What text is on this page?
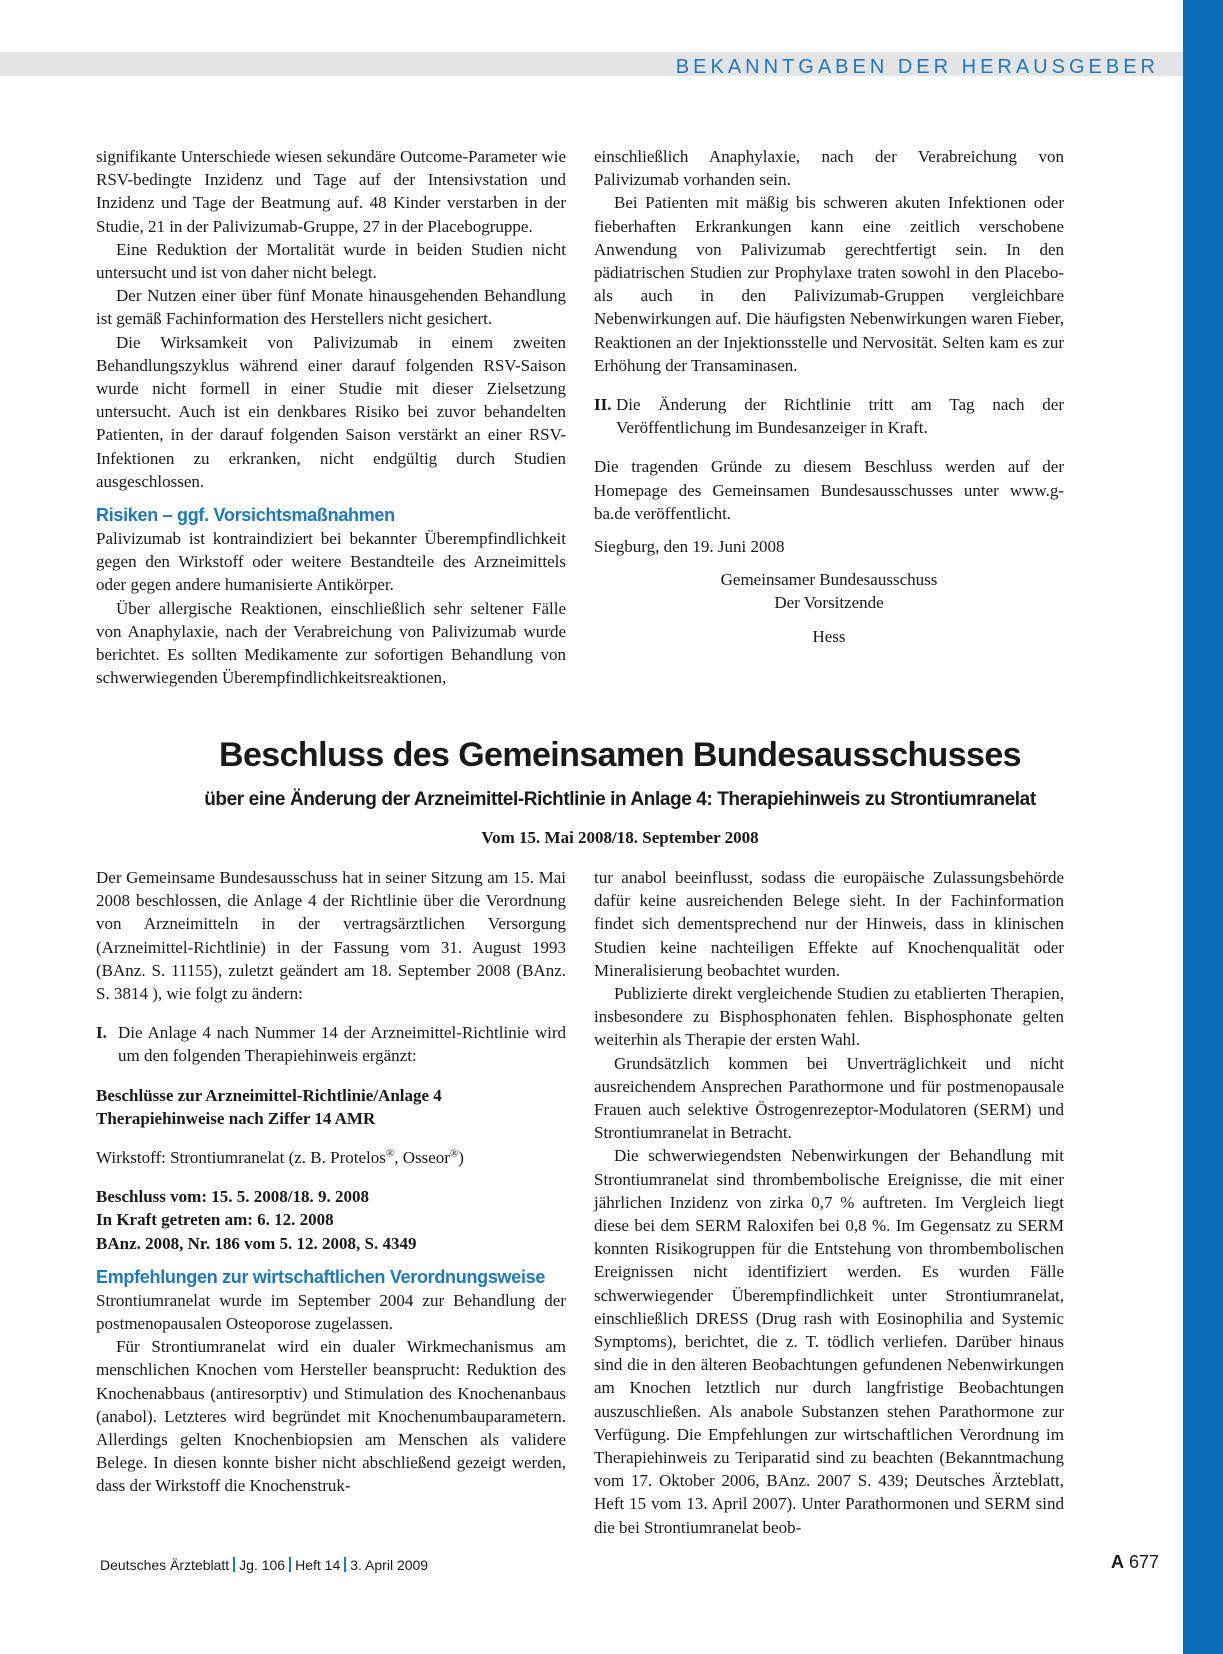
BEKANNTGABEN DER HERAUSGEBER

signifikante Unterschiede wiesen sekundäre Outcome-Parameter wie RSV-bedingte Inzidenz und Tage auf der Intensivstation und Inzidenz und Tage der Beatmung auf. 48 Kinder verstarben in der Studie, 21 in der Palivizumab-Gruppe, 27 in der Placebogruppe.

Eine Reduktion der Mortalität wurde in beiden Studien nicht untersucht und ist von daher nicht belegt.

Der Nutzen einer über fünf Monate hinausgehenden Behandlung ist gemäß Fachinformation des Herstellers nicht gesichert.

Die Wirksamkeit von Palivizumab in einem zweiten Behandlungszyklus während einer darauf folgenden RSV-Saison wurde nicht formell in einer Studie mit dieser Zielsetzung untersucht. Auch ist ein denkbares Risiko bei zuvor behandelten Patienten, in der darauf folgenden Saison verstärkt an einer RSV-Infektionen zu erkranken, nicht endgültig durch Studien ausgeschlossen.

Risiken – ggf. Vorsichtsmaßnahmen

Palivizumab ist kontraindiziert bei bekannter Überempfindlichkeit gegen den Wirkstoff oder weitere Bestandteile des Arzneimittels oder gegen andere humanisierte Antikörper.

Über allergische Reaktionen, einschließlich sehr seltener Fälle von Anaphylaxie, nach der Verabreichung von Palivizumab wurde berichtet. Es sollten Medikamente zur sofortigen Behandlung von schwerwiegenden Überempfindlichkeitsreaktionen,

einschließlich Anaphylaxie, nach der Verabreichung von Palivizumab vorhanden sein.

Bei Patienten mit mäßig bis schweren akuten Infektionen oder fieberhaften Erkrankungen kann eine zeitlich verschobene Anwendung von Palivizumab gerechtfertigt sein. In den pädiatrischen Studien zur Prophylaxe traten sowohl in den Placebo- als auch in den Palivizumab-Gruppen vergleichbare Nebenwirkungen auf. Die häufigsten Nebenwirkungen waren Fieber, Reaktionen an der Injektionsstelle und Nervosität. Selten kam es zur Erhöhung der Transaminasen.

II. Die Änderung der Richtlinie tritt am Tag nach der Veröffentlichung im Bundesanzeiger in Kraft.

Die tragenden Gründe zu diesem Beschluss werden auf der Homepage des Gemeinsamen Bundesausschusses unter www.g-ba.de veröffentlicht.

Siegburg, den 19. Juni 2008

Gemeinsamer Bundesausschuss

Der Vorsitzende

Hess

Beschluss des Gemeinsamen Bundesausschusses
über eine Änderung der Arzneimittel-Richtlinie in Anlage 4: Therapiehinweis zu Strontiumranelat
Vom 15. Mai 2008/18. September 2008

Der Gemeinsame Bundesausschuss hat in seiner Sitzung am 15. Mai 2008 beschlossen, die Anlage 4 der Richtlinie über die Verordnung von Arzneimitteln in der vertragsärztlichen Versorgung (Arzneimittel-Richtlinie) in der Fassung vom 31. August 1993 (BAnz. S. 11155), zuletzt geändert am 18. September 2008 (BAnz. S. 3814 ), wie folgt zu ändern:

I. Die Anlage 4 nach Nummer 14 der Arzneimittel-Richtlinie wird um den folgenden Therapiehinweis ergänzt:

Beschlüsse zur Arzneimittel-Richtlinie/Anlage 4

Therapiehinweise nach Ziffer 14 AMR

Wirkstoff: Strontiumranelat (z. B. Protelos®, Osseor®)

Beschluss vom: 15. 5. 2008/18. 9. 2008

In Kraft getreten am: 6. 12. 2008

BAnz. 2008, Nr. 186 vom 5. 12. 2008, S. 4349

Empfehlungen zur wirtschaftlichen Verordnungsweise

Strontiumranelat wurde im September 2004 zur Behandlung der postmenopausalen Osteoporose zugelassen.

Für Strontiumranelat wird ein dualer Wirkmechanismus am menschlichen Knochen vom Hersteller beansprucht: Reduktion des Knochenabbaus (antiresorptiv) und Stimulation des Knochenanbaus (anabol). Letzteres wird begründet mit Knochenumbauparametern. Allerdings gelten Knochenbiopsien am Menschen als validere Belege. In diesen konnte bisher nicht abschließend gezeigt werden, dass der Wirkstoff die Knochenstruk-

tur anabol beeinflusst, sodass die europäische Zulassungsbehörde dafür keine ausreichenden Belege sieht. In der Fachinformation findet sich dementsprechend nur der Hinweis, dass in klinischen Studien keine nachteiligen Effekte auf Knochenqualität oder Mineralisierung beobachtet wurden.

Publizierte direkt vergleichende Studien zu etablierten Therapien, insbesondere zu Bisphosphonaten fehlen. Bisphosphonate gelten weiterhin als Therapie der ersten Wahl.

Grundsätzlich kommen bei Unverträglichkeit und nicht ausreichendem Ansprechen Parathormone und für postmenopausale Frauen auch selektive Östrogenrezeptor-Modulatoren (SERM) und Strontiumranelat in Betracht.

Die schwerwiegendsten Nebenwirkungen der Behandlung mit Strontiumranelat sind thrombembolische Ereignisse, die mit einer jährlichen Inzidenz von zirka 0,7 % auftreten. Im Vergleich liegt diese bei dem SERM Raloxifen bei 0,8 %. Im Gegensatz zu SERM konnten Risikogruppen für die Entstehung von thrombembolischen Ereignissen nicht identifiziert werden. Es wurden Fälle schwerwiegender Überempfindlichkeit unter Strontiumranelat, einschließlich DRESS (Drug rash with Eosinophilia and Systemic Symptoms), berichtet, die z. T. tödlich verliefen. Darüber hinaus sind die in den älteren Beobachtungen gefundenen Nebenwirkungen am Knochen letztlich nur durch langfristige Beobachtungen auszuschließen. Als anabole Substanzen stehen Parathormone zur Verfügung. Die Empfehlungen zur wirtschaftlichen Verordnung im Therapiehinweis zu Teriparatid sind zu beachten (Bekanntmachung vom 17. Oktober 2006, BAnz. 2007 S. 439; Deutsches Ärzteblatt, Heft 15 vom 13. April 2007). Unter Parathormonen und SERM sind die bei Strontiumranelat beob-

Deutsches Ärzteblatt Jg. 106 Heft 14 3. April 2009	A 677
